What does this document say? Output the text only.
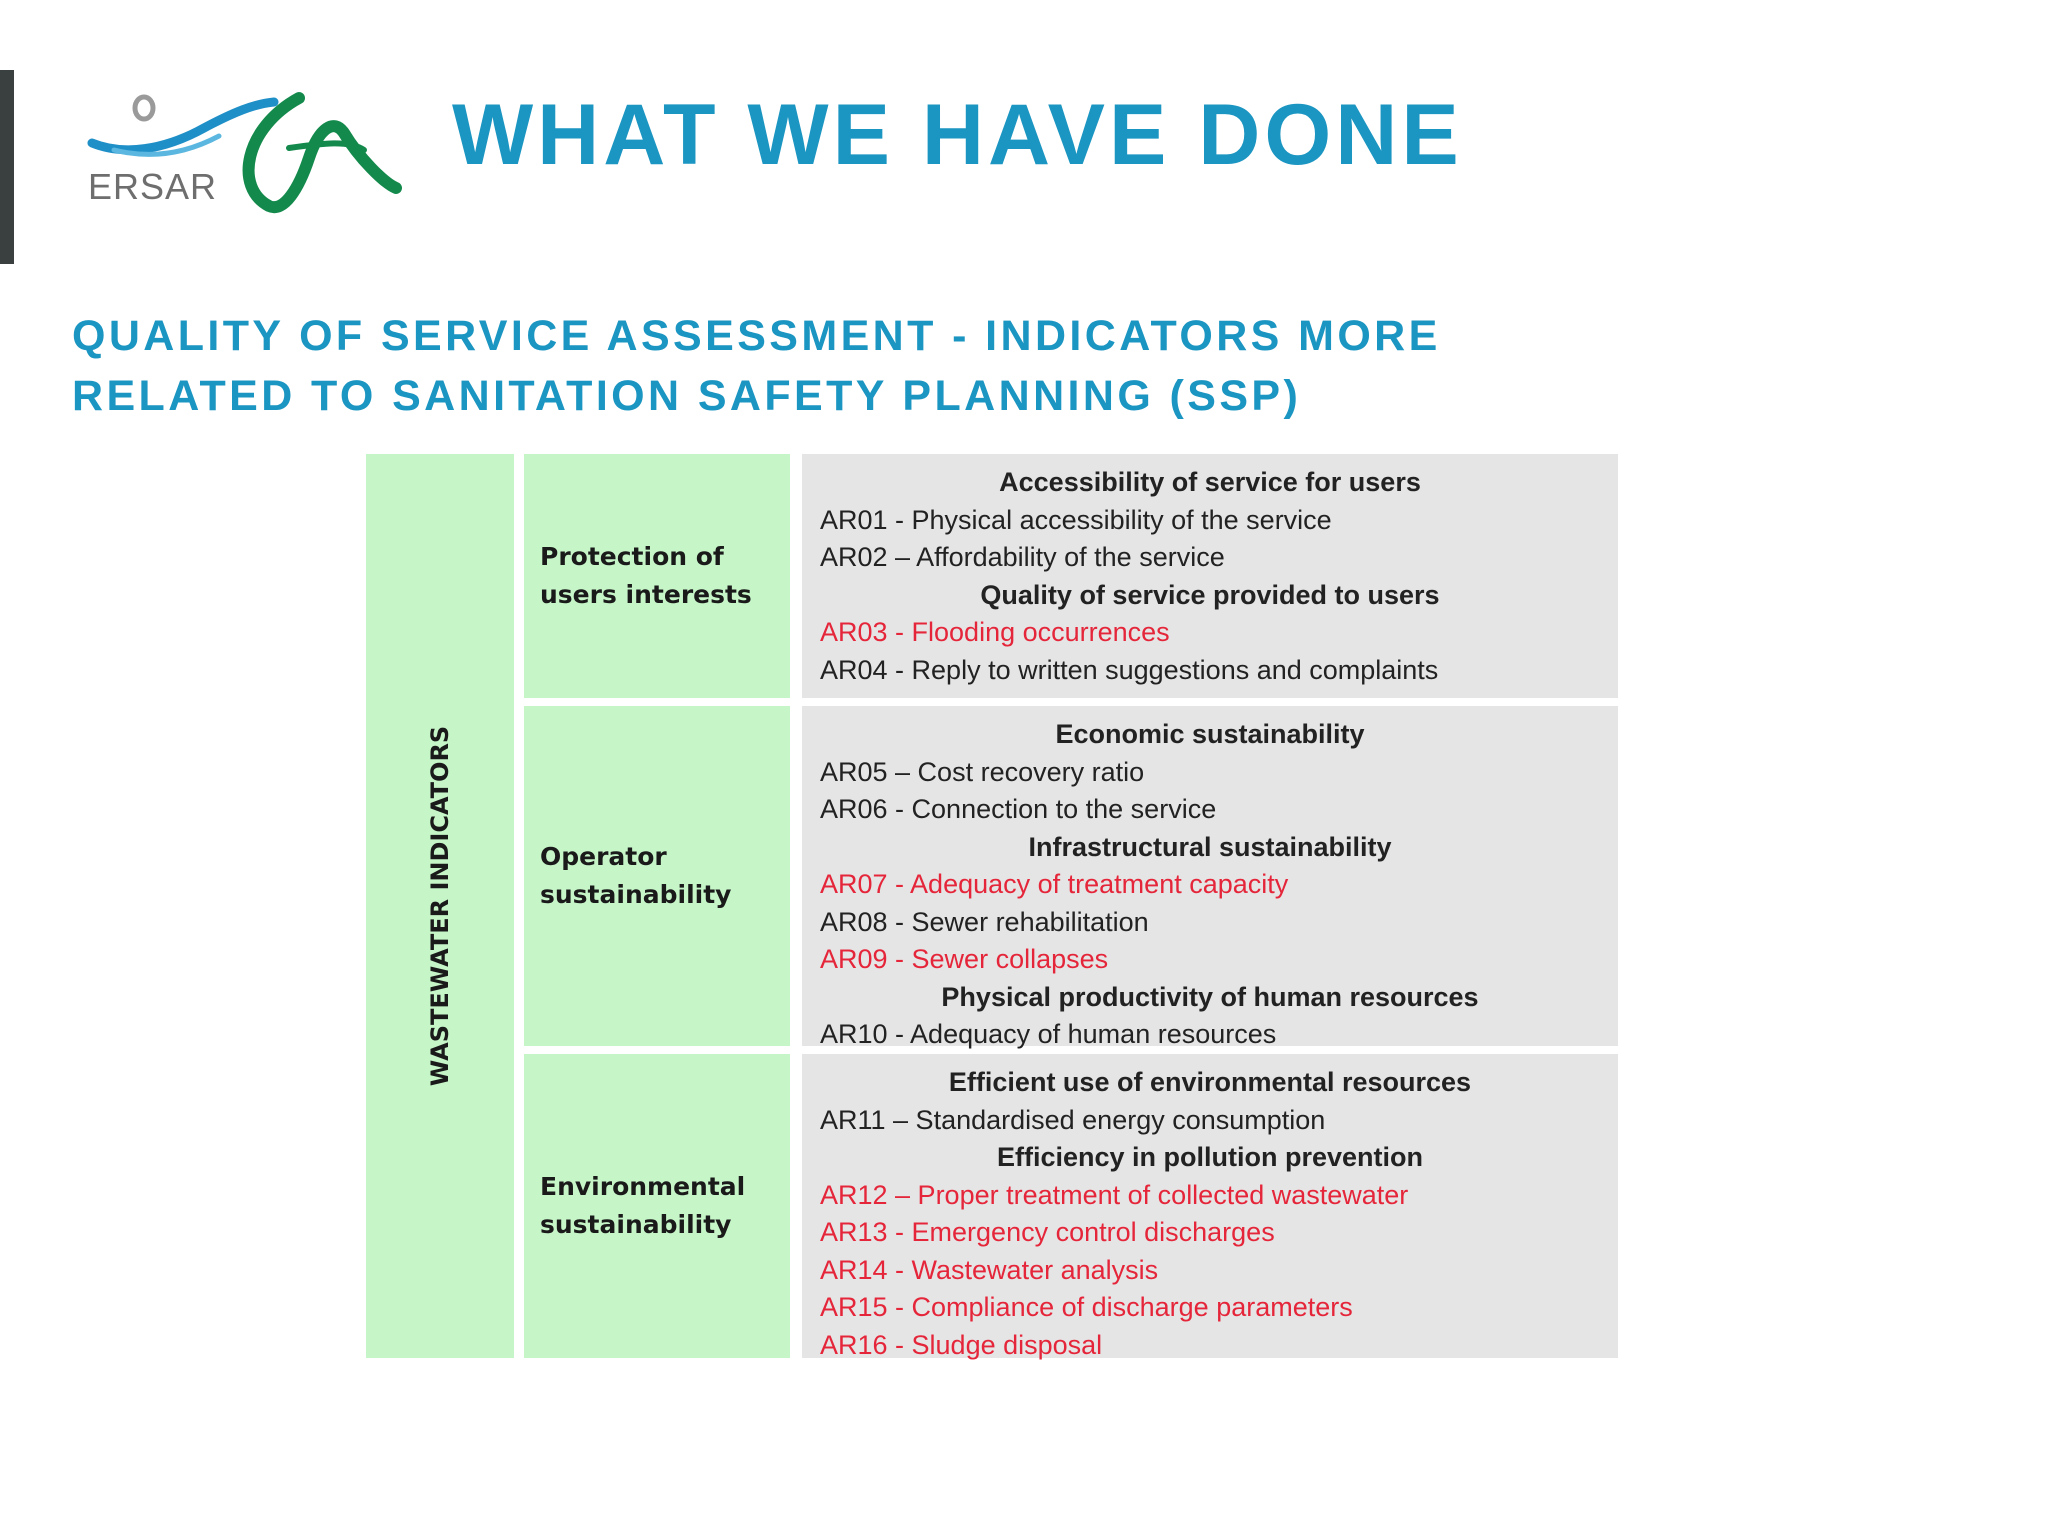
ERSAR
WHAT WE HAVE DONE
QUALITY OF SERVICE ASSESSMENT - INDICATORS MORE
RELATED TO SANITATION SAFETY PLANNING (SSP)
WASTEWATER INDICATORS
Protection of users interests
Accessibility of service for users
AR01 - Physical accessibility of the service
AR02 – Affordability of the service
Quality of service provided to users
AR03 - Flooding occurrences
AR04 - Reply to written suggestions and complaints
Operator sustainability
Economic sustainability
AR05 – Cost recovery ratio
AR06 - Connection to the service
Infrastructural sustainability
AR07 - Adequacy of treatment capacity
AR08 - Sewer rehabilitation
AR09 - Sewer collapses
Physical productivity of human resources
AR10 - Adequacy of human resources
Environmental sustainability
Efficient use of environmental resources
AR11 – Standardised energy consumption
Efficiency in pollution prevention
AR12 – Proper treatment of collected wastewater
AR13 - Emergency control discharges
AR14 - Wastewater analysis
AR15 - Compliance of discharge parameters
AR16 - Sludge disposal
